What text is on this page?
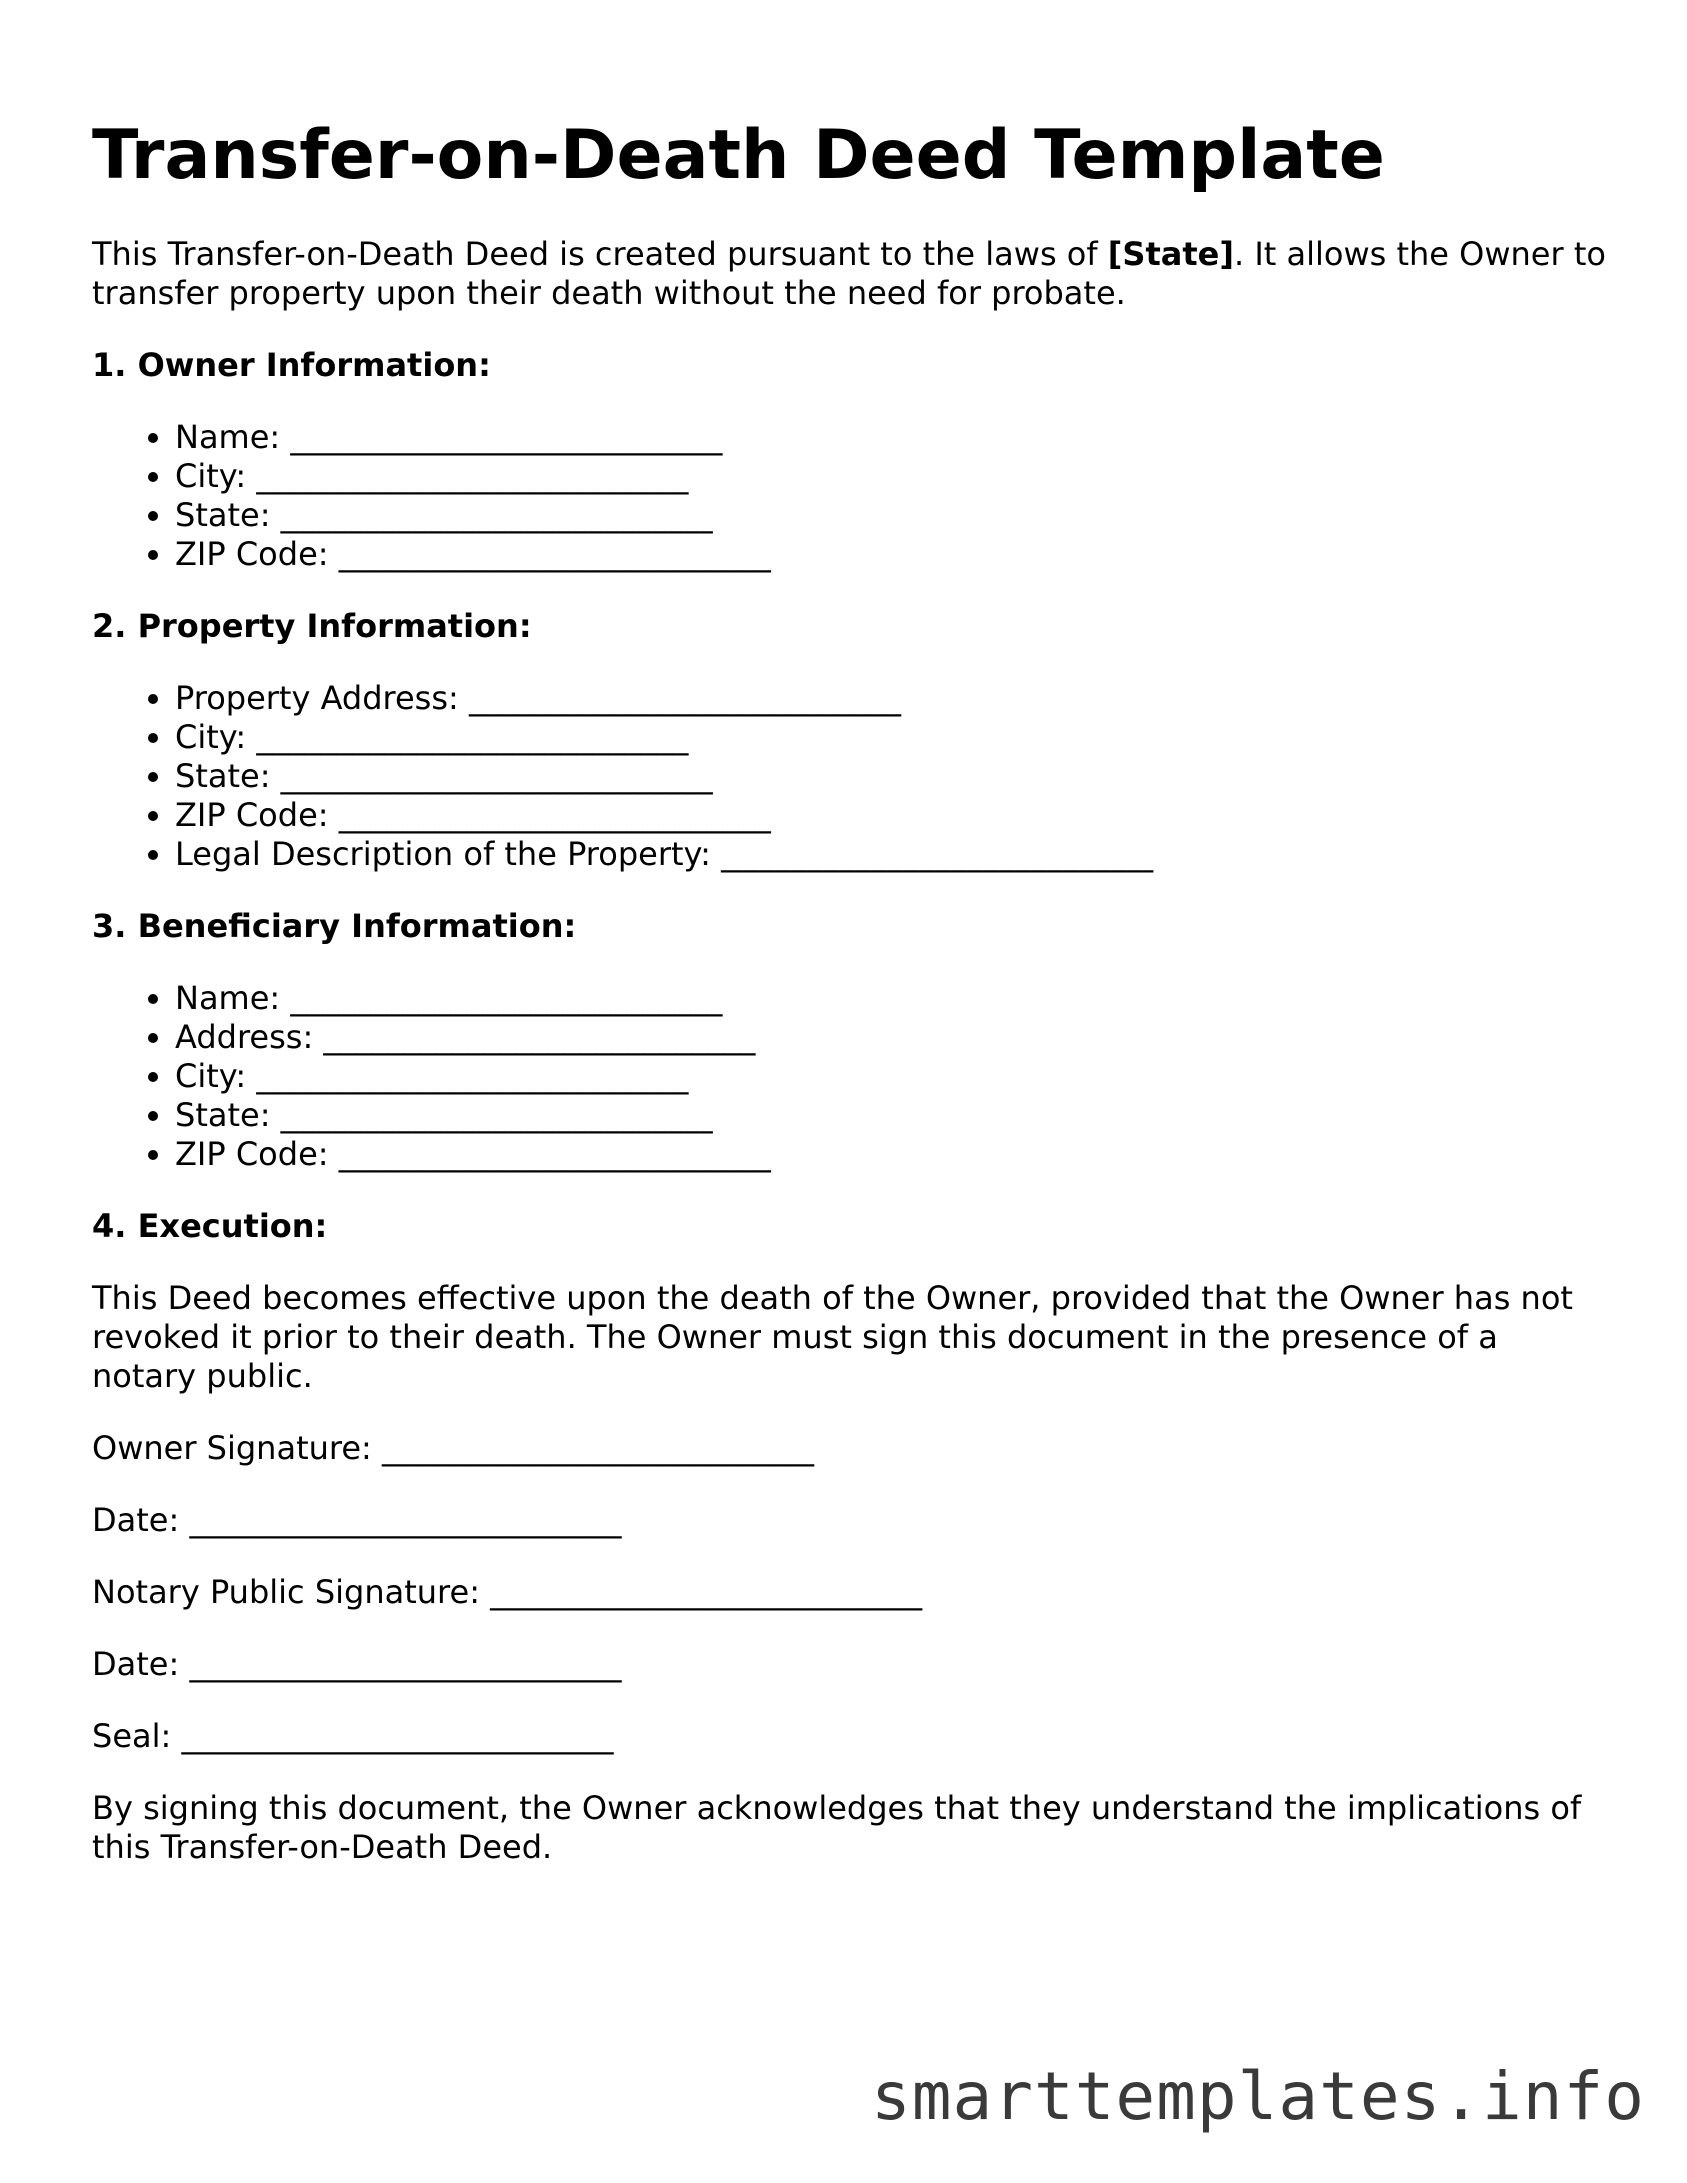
Transfer-on-Death Deed Template

This Transfer-on-Death Deed is created pursuant to the laws of [State]. It allows the Owner to transfer property upon their death without the need for probate.

1. Owner Information:
• Name: ___________________________
• City: ___________________________
• State: ___________________________
• ZIP Code: ___________________________
2. Property Information:
• Property Address: ___________________________
• City: ___________________________
• State: ___________________________
• ZIP Code: ___________________________
• Legal Description of the Property: ___________________________
3. Beneficiary Information:
• Name: ___________________________
• Address: ___________________________
• City: ___________________________
• State: ___________________________
• ZIP Code: ___________________________
4. Execution:

This Deed becomes effective upon the death of the Owner, provided that the Owner has not revoked it prior to their death. The Owner must sign this document in the presence of a notary public.

Owner Signature: ___________________________

Date: ___________________________

Notary Public Signature: ___________________________

Date: ___________________________

Seal: ___________________________

By signing this document, the Owner acknowledges that they understand the implications of this Transfer-on-Death Deed.

smarttemplates.info
